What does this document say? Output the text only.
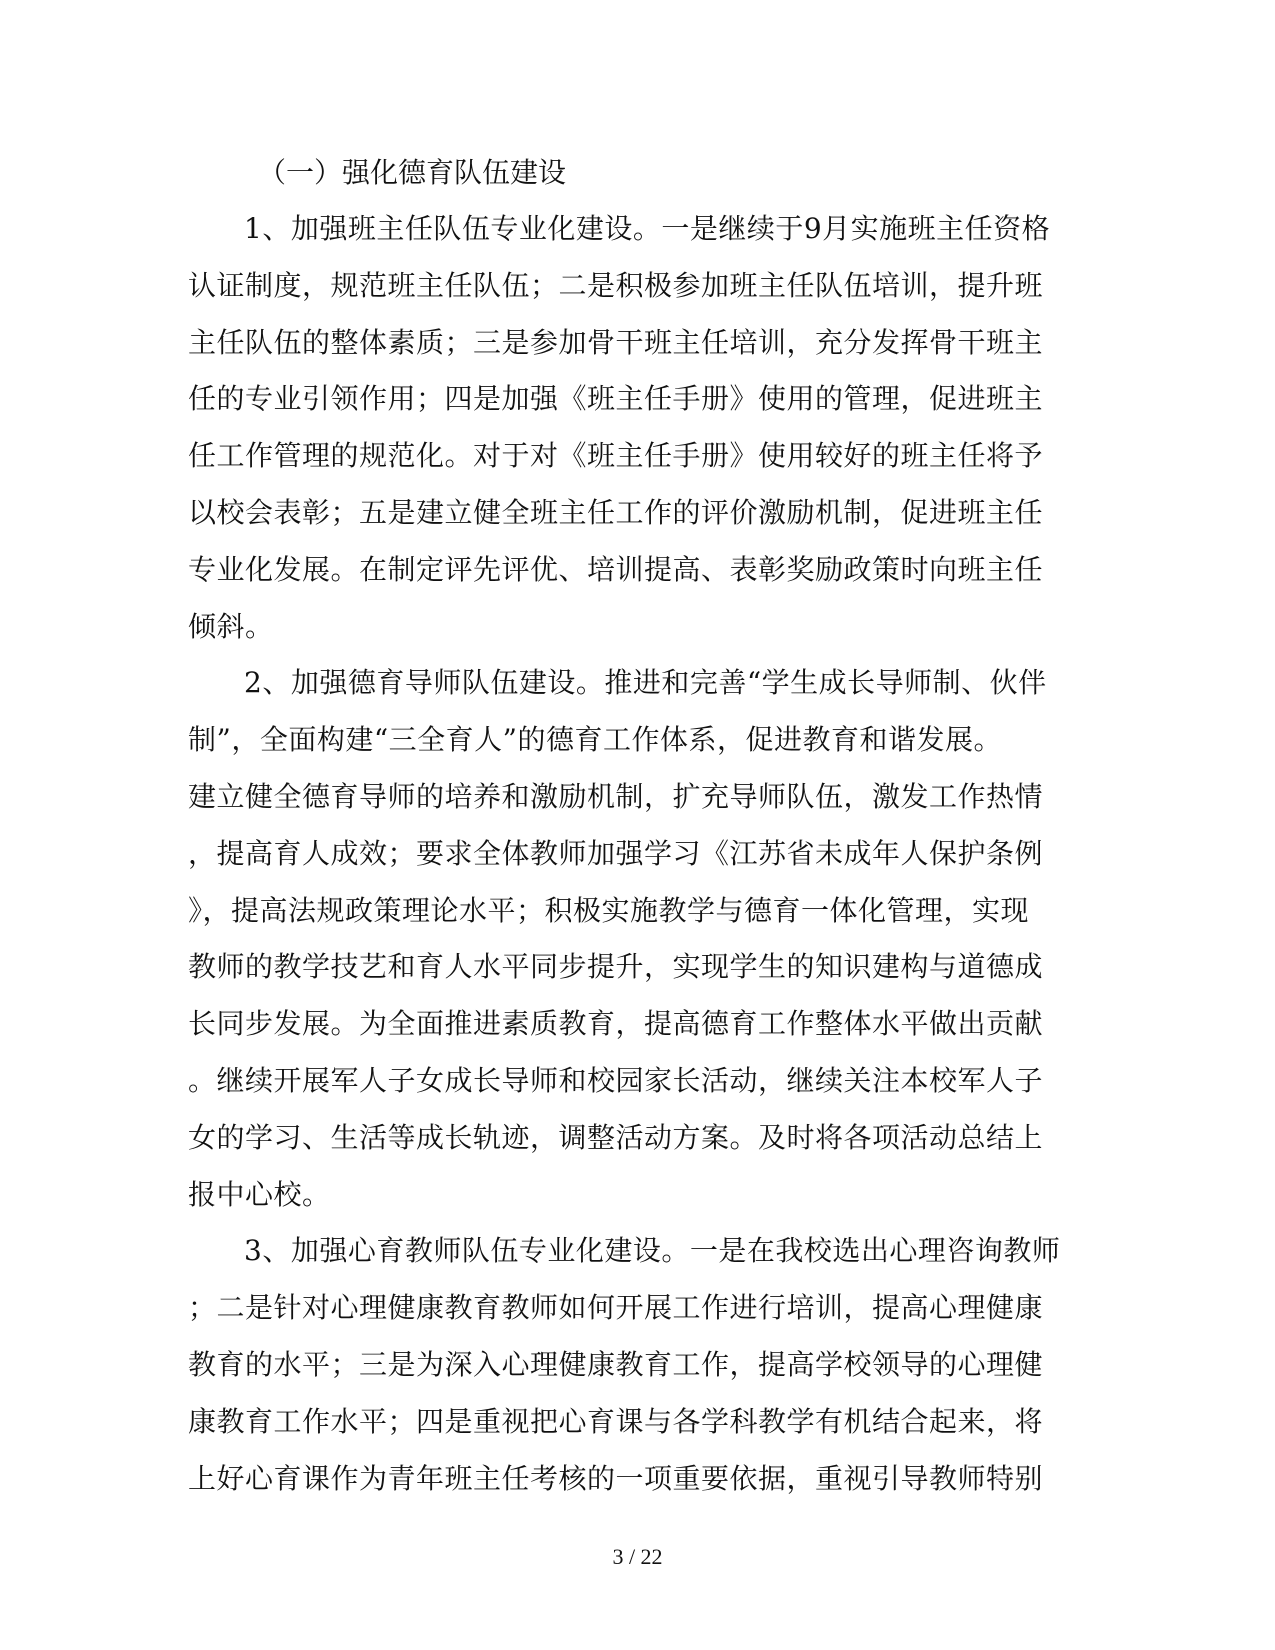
（一）强化德育队伍建设

1、加强班主任队伍专业化建设。一是继续于9月实施班主任资格

认证制度，规范班主任队伍；二是积极参加班主任队伍培训，提升班

主任队伍的整体素质；三是参加骨干班主任培训，充分发挥骨干班主

任的专业引领作用；四是加强《班主任手册》使用的管理，促进班主

任工作管理的规范化。对于对《班主任手册》使用较好的班主任将予

以校会表彰；五是建立健全班主任工作的评价激励机制，促进班主任

专业化发展。在制定评先评优、培训提高、表彰奖励政策时向班主任

倾斜。

2、加强德育导师队伍建设。推进和完善“学生成长导师制、伙伴

制”，全面构建“三全育人”的德育工作体系，促进教育和谐发展。

建立健全德育导师的培养和激励机制，扩充导师队伍，激发工作热情

，提高育人成效；要求全体教师加强学习《江苏省未成年人保护条例

》，提高法规政策理论水平；积极实施教学与德育一体化管理，实现

教师的教学技艺和育人水平同步提升，实现学生的知识建构与道德成

长同步发展。为全面推进素质教育，提高德育工作整体水平做出贡献

。继续开展军人子女成长导师和校园家长活动，继续关注本校军人子

女的学习、生活等成长轨迹，调整活动方案。及时将各项活动总结上

报中心校。

3、加强心育教师队伍专业化建设。一是在我校选出心理咨询教师

；二是针对心理健康教育教师如何开展工作进行培训，提高心理健康

教育的水平；三是为深入心理健康教育工作，提高学校领导的心理健

康教育工作水平；四是重视把心育课与各学科教学有机结合起来，将

上好心育课作为青年班主任考核的一项重要依据，重视引导教师特别

3 / 22
